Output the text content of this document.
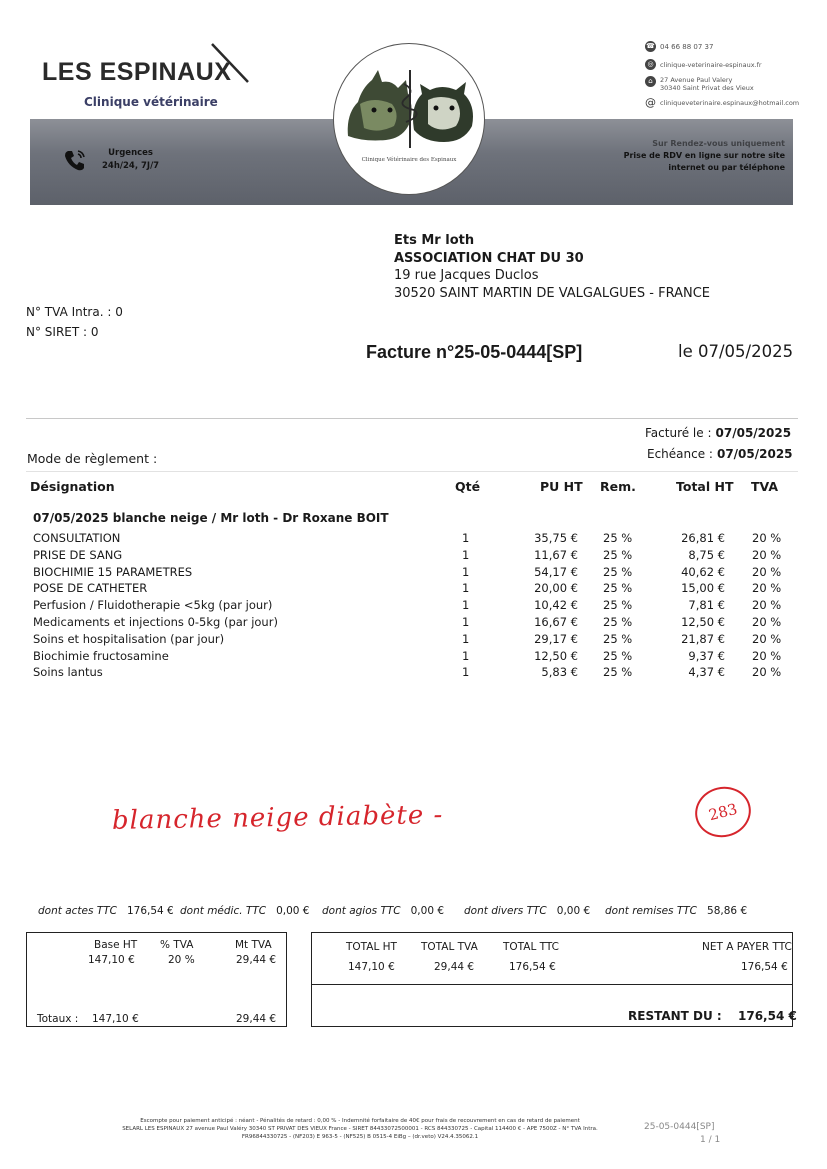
LES ESPINAUX
Clinique vétérinaire
☎ 04 66 88 07 37
◎ clinique-veterinaire-espinaux.fr
⌂	27 Avenue Paul Valery
30340 Saint Privat des Vieux
@ cliniqueveterinaire.espinaux@hotmail.com
Urgences
24h/24, 7J/7
Sur Rendez-vous uniquement
Prise de RDV en ligne sur notre site
internet ou par téléphone
Clinique Vétérinaire des Espinaux
Ets Mr loth
ASSOCIATION CHAT DU 30
19 rue Jacques Duclos
30520 SAINT MARTIN DE VALGALGUES - FRANCE
N° TVA Intra. : 0
N° SIRET : 0
Facture n°25-05-0444[SP]	le 07/05/2025
Facturé le : 07/05/2025
Echéance : 07/05/2025
Mode de règlement :
Désignation	Qté	PU HT Rem.	Total HT TVA
07/05/2025 blanche neige / Mr loth - Dr Roxane BOIT
CONSULTATION	1	35,75 € 25 %	26,81 € 20 %
PRISE DE SANG	1	11,67 € 25 %	8,75 € 20 %
BIOCHIMIE 15 PARAMETRES	1	54,17 € 25 %	40,62 € 20 %
POSE DE CATHETER	1	20,00 € 25 %	15,00 € 20 %
Perfusion / Fluidotherapie <5kg (par jour)	1	10,42 € 25 %	7,81 € 20 %
Medicaments et injections 0-5kg (par jour)	1	16,67 € 25 %	12,50 € 20 %
Soins et hospitalisation (par jour)	1	29,17 € 25 %	21,87 € 20 %
Biochimie fructosamine	1	12,50 € 25 %	9,37 € 20 %
Soins lantus	1	5,83 € 25 %	4,37 € 20 %
blanche neige diabète -	283
dont actes TTC 176,54 € dont médic. TTC 0,00 € dont agios TTC 0,00 € dont divers TTC 0,00 € dont remises TTC 58,86 €
Base HT % TVA	Mt TVA
147,10 €	20 %	29,44 €
Totaux : 147,10 €	29,44 €
TOTAL HT TOTAL TVA TOTAL TTC	NET A PAYER TTC
147,10 €	29,44 €	176,54 €	176,54 €
RESTANT DU : 176,54 €
Escompte pour paiement anticipé : néant - Pénalités de retard : 0,00 % - Indemnité forfaitaire de 40€ pour frais de recouvrement en cas de retard de paiement
SELARL LES ESPINAUX 27 avenue Paul Valéry 30340 ST PRIVAT DES VIEUX France - SIRET 84433072500001 - RCS 844330725 - Capital 114400 € - APE 7500Z - N° TVA Intra.
FR96844330725 - (NF203) E 963-5 - (NF525) B 0515-4 EiBg – (dr.veto) V24.4.35062.1
25-05-0444[SP]
1 / 1
